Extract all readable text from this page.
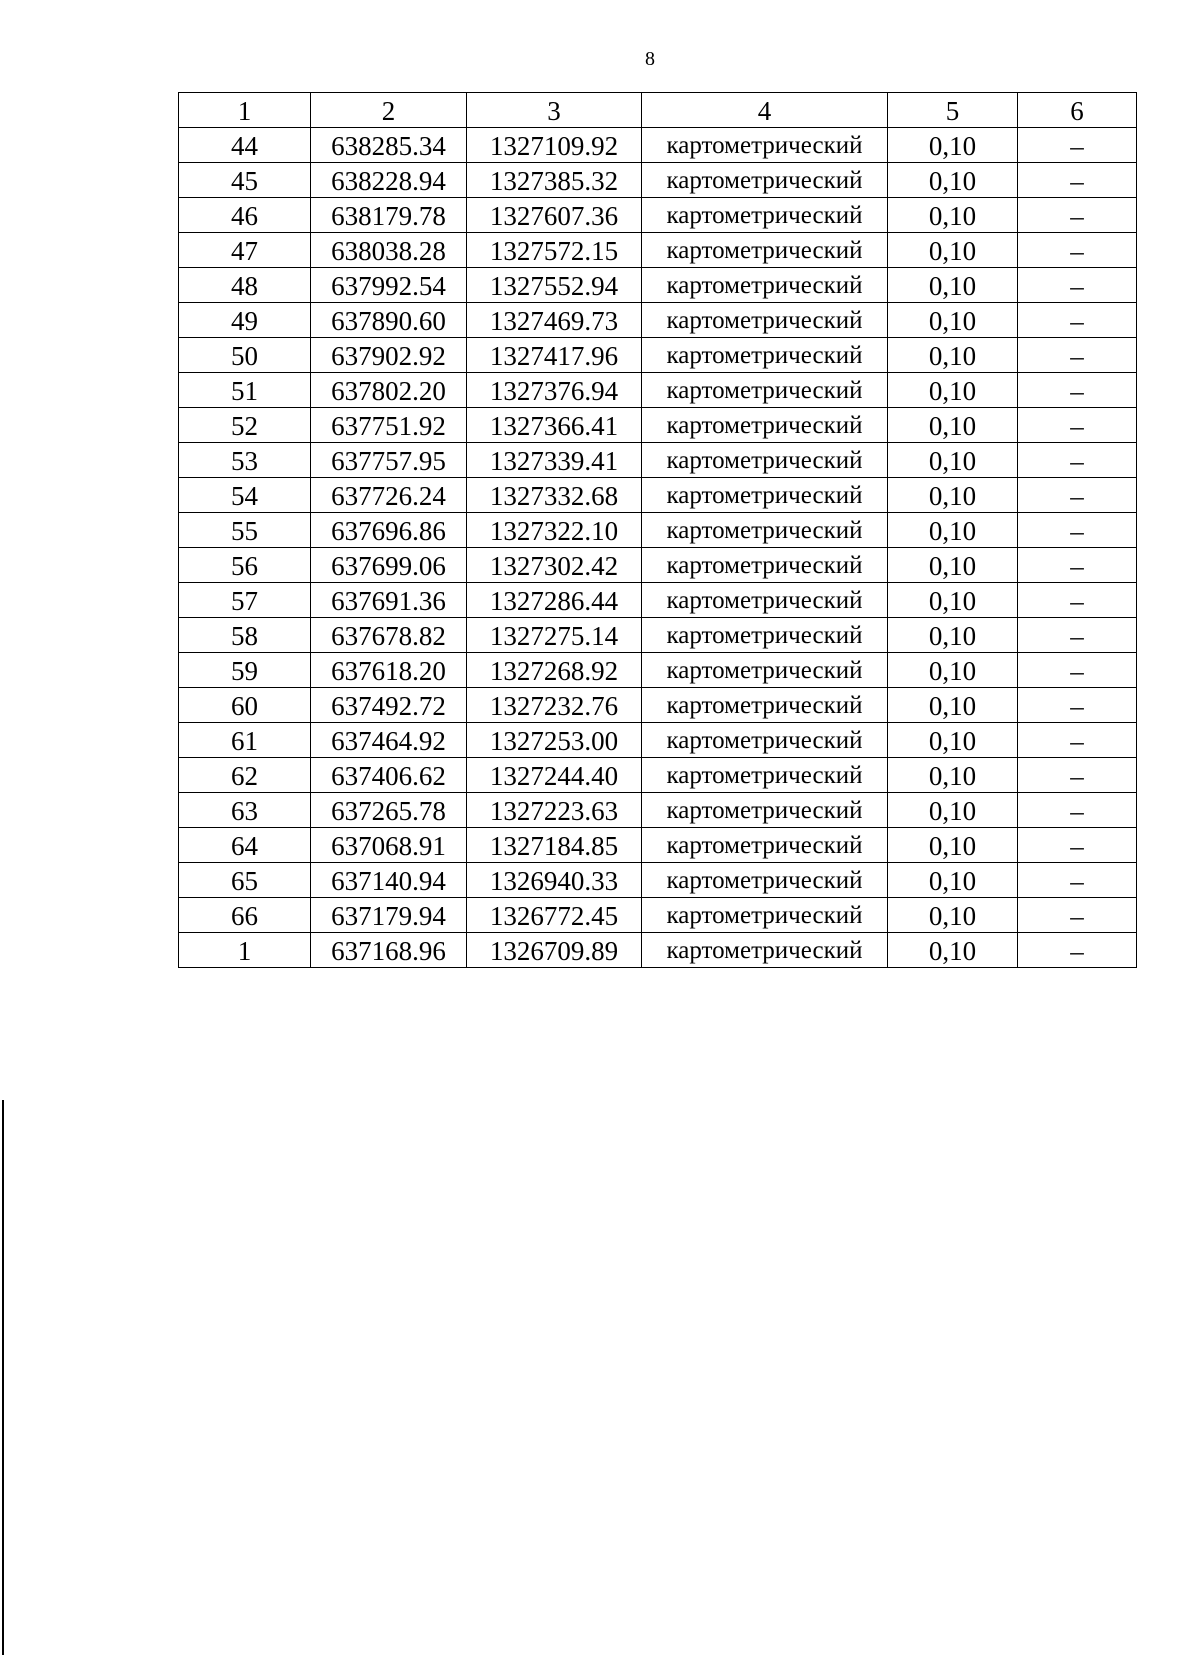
8
1	2	3	4	5	6
44	638285.34	1327109.92	картометрический	0,10	–
45	638228.94	1327385.32	картометрический	0,10	–
46	638179.78	1327607.36	картометрический	0,10	–
47	638038.28	1327572.15	картометрический	0,10	–
48	637992.54	1327552.94	картометрический	0,10	–
49	637890.60	1327469.73	картометрический	0,10	–
50	637902.92	1327417.96	картометрический	0,10	–
51	637802.20	1327376.94	картометрический	0,10	–
52	637751.92	1327366.41	картометрический	0,10	–
53	637757.95	1327339.41	картометрический	0,10	–
54	637726.24	1327332.68	картометрический	0,10	–
55	637696.86	1327322.10	картометрический	0,10	–
56	637699.06	1327302.42	картометрический	0,10	–
57	637691.36	1327286.44	картометрический	0,10	–
58	637678.82	1327275.14	картометрический	0,10	–
59	637618.20	1327268.92	картометрический	0,10	–
60	637492.72	1327232.76	картометрический	0,10	–
61	637464.92	1327253.00	картометрический	0,10	–
62	637406.62	1327244.40	картометрический	0,10	–
63	637265.78	1327223.63	картометрический	0,10	–
64	637068.91	1327184.85	картометрический	0,10	–
65	637140.94	1326940.33	картометрический	0,10	–
66	637179.94	1326772.45	картометрический	0,10	–
1	637168.96	1326709.89	картометрический	0,10	–
